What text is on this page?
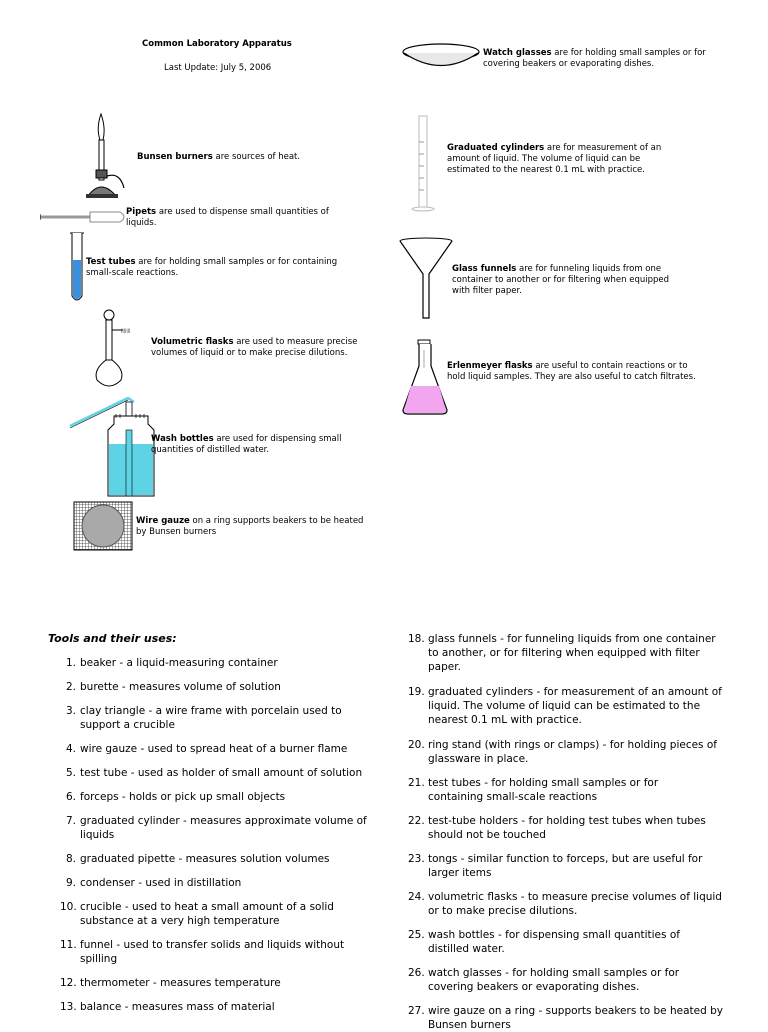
Common Laboratory Apparatus
Last Update: July 5, 2006
Watch glasses are for holding small samples or for covering beakers or evaporating dishes.
Bunsen burners are sources of heat.
Graduated cylinders are for measurement of an amount of liquid. The volume of liquid can be estimated to the nearest 0.1 mL with practice.
Pipets are used to dispense small quantities of liquids.
Test tubes are for holding small samples or for containing small-scale reactions.	Glass funnels are for funneling liquids from one container to another or for filtering when equipped with filter paper.
|||||||
Volumetric flasks are used to measure precise volumes of liquid or to make precise dilutions.
Erlenmeyer flasks are useful to contain reactions or to hold liquid samples. They are also useful to catch filtrates.
Wash bottles are used for dispensing small quantities of distilled water.
Wire gauze on a ring supports beakers to be heated by Bunsen burners
Tools and their uses:
1. beaker - a liquid-measuring container
2. burette - measures volume of solution
3. clay triangle - a wire frame with porcelain used to support a crucible
4. wire gauze - used to spread heat of a burner flame
5. test tube - used as holder of small amount of solution
6. forceps - holds or pick up small objects
7. graduated cylinder - measures approximate volume of liquids
8. graduated pipette - measures solution volumes
9. condenser - used in distillation
10. crucible - used to heat a small amount of a solid substance at a very high temperature
11. funnel - used to transfer solids and liquids without spilling
12. thermometer - measures temperature
13. balance - measures mass of material
18. glass funnels - for funneling liquids from one container to another, or for filtering when equipped with filter paper.
19. graduated cylinders - for measurement of an amount of liquid. The volume of liquid can be estimated to the nearest 0.1 mL with practice.
20. ring stand (with rings or clamps) - for holding pieces of glassware in place.
21. test tubes - for holding small samples or for containing small-scale reactions
22. test-tube holders - for holding test tubes when tubes should not be touched
23. tongs - similar function to forceps, but are useful for larger items
24. volumetric flasks - to measure precise volumes of liquid or to make precise dilutions.
25. wash bottles - for dispensing small quantities of distilled water.
26. watch glasses - for holding small samples or for covering beakers or evaporating dishes.
27. wire gauze on a ring - supports beakers to be heated by Bunsen burners
